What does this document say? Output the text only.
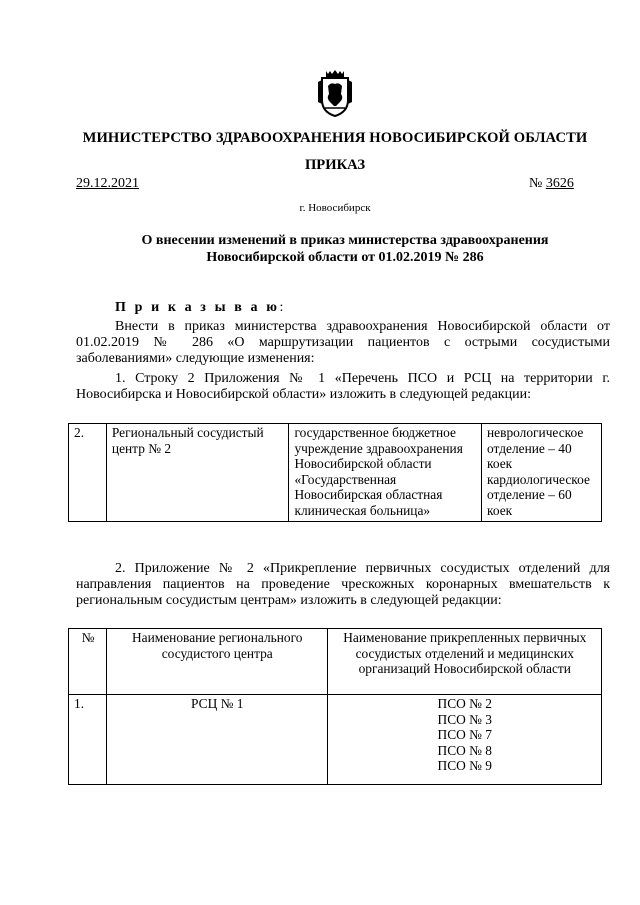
МИНИСТЕРСТВО ЗДРАВООХРАНЕНИЯ НОВОСИБИРСКОЙ ОБЛАСТИ
ПРИКАЗ
29.12.2021	№ 3626
г. Новосибирск
О внесении изменений в приказ министерства здравоохранения
Новосибирской области от 01.02.2019 № 286
П р и к а з ы в а ю:
Внести в приказ министерства здравоохранения Новосибирской области от 01.02.2019 № 286 «О маршрутизации пациентов с острыми сосудистыми заболеваниями» следующие изменения:
1. Строку 2 Приложения № 1 «Перечень ПСО и РСЦ на территории г. Новосибирска и Новосибирской области» изложить в следующей редакции:
2.	Региональный сосудистый центр № 2	государственное бюджетное учреждение здравоохранения Новосибирской области «Государственная Новосибирская областная клиническая больница»	неврологическое отделение – 40 коек кардиологическое отделение – 60 коек
2. Приложение № 2 «Прикрепление первичных сосудистых отделений для направления пациентов на проведение чрескожных коронарных вмешательств к региональным сосудистым центрам» изложить в следующей редакции:
№	Наименование регионального сосудистого центра	Наименование прикрепленных первичных сосудистых отделений и медицинских организаций Новосибирской области
1.	РСЦ № 1	ПСО № 2
ПСО № 3
ПСО № 7
ПСО № 8
ПСО № 9
